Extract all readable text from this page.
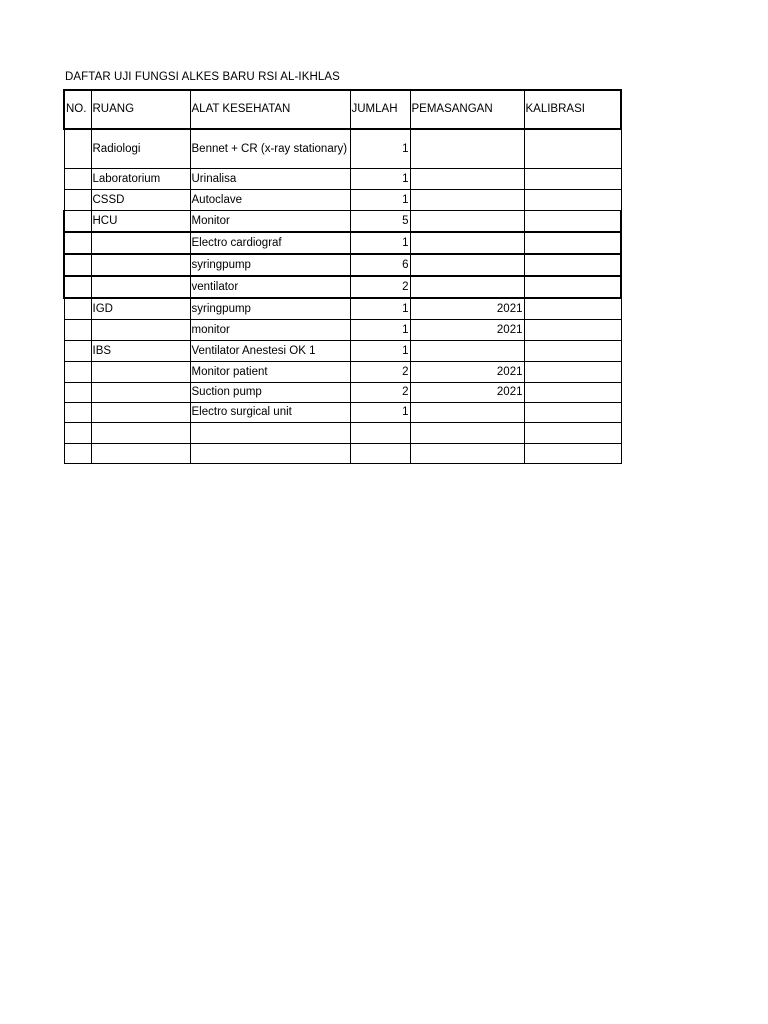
DAFTAR UJI FUNGSI ALKES BARU RSI AL-IKHLAS
NO.	RUANG	ALAT KESEHATAN	JUMLAH	PEMASANGAN	KALIBRASI
	Radiologi	Bennet + CR (x-ray stationary)	1		
	Laboratorium	Urinalisa	1		
	CSSD	Autoclave	1		
	HCU	Monitor	5		
		Electro cardiograf	1		
		syringpump	6		
		ventilator	2		
	IGD	syringpump	1	2021	
		monitor	1	2021	
	IBS	Ventilator Anestesi OK 1	1		
		Monitor patient	2	2021	
		Suction pump	2	2021	
		Electro surgical unit	1		
